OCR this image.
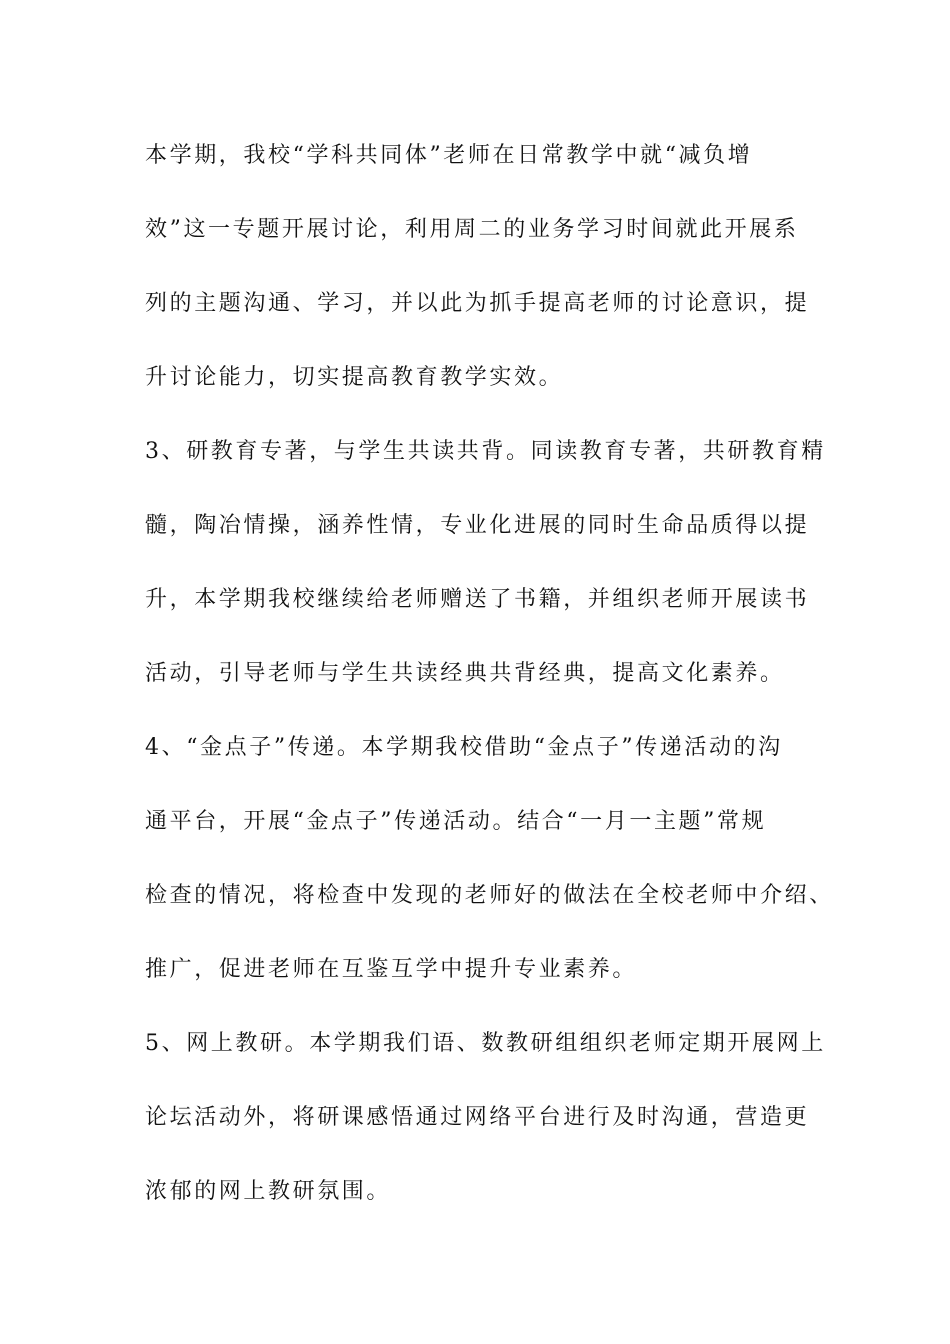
本学期，我校“学科共同体”老师在日常教学中就“减负增
效”这一专题开展讨论，利用周二的业务学习时间就此开展系
列的主题沟通、学习，并以此为抓手提高老师的讨论意识，提
升讨论能力，切实提高教育教学实效。
3、研教育专著，与学生共读共背。同读教育专著，共研教育精
髓，陶冶情操，涵养性情，专业化进展的同时生命品质得以提
升，本学期我校继续给老师赠送了书籍，并组织老师开展读书
活动，引导老师与学生共读经典共背经典，提高文化素养。
4、“金点子”传递。本学期我校借助“金点子”传递活动的沟
通平台，开展“金点子”传递活动。结合“一月一主题”常规
检查的情况，将检查中发现的老师好的做法在全校老师中介绍、
推广，促进老师在互鉴互学中提升专业素养。
5、网上教研。本学期我们语、数教研组组织老师定期开展网上
论坛活动外，将研课感悟通过网络平台进行及时沟通，营造更
浓郁的网上教研氛围。
